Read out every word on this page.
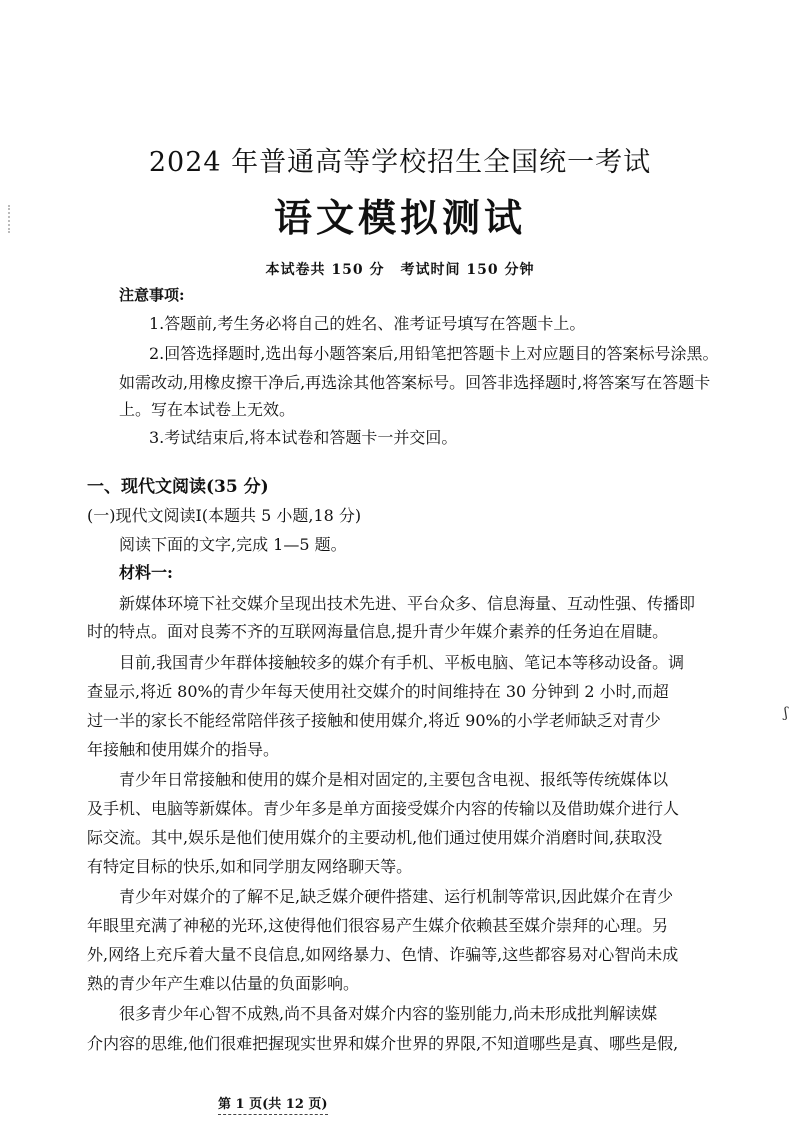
2024 年普通高等学校招生全国统一考试
语文模拟测试
本试卷共 150 分 考试时间 150 分钟
注意事项:
1.答题前,考生务必将自己的姓名、准考证号填写在答题卡上。
2.回答选择题时,选出每小题答案后,用铅笔把答题卡上对应题目的答案标号涂黑。
如需改动,用橡皮擦干净后,再选涂其他答案标号。回答非选择题时,将答案写在答题卡
上。写在本试卷上无效。
3.考试结束后,将本试卷和答题卡一并交回。
一、现代文阅读(35 分)
(一)现代文阅读Ⅰ(本题共 5 小题,18 分)
阅读下面的文字,完成 1—5 题。
材料一:
新媒体环境下社交媒介呈现出技术先进、平台众多、信息海量、互动性强、传播即
时的特点。面对良莠不齐的互联网海量信息,提升青少年媒介素养的任务迫在眉睫。
目前,我国青少年群体接触较多的媒介有手机、平板电脑、笔记本等移动设备。调
查显示,将近 80%的青少年每天使用社交媒介的时间维持在 30 分钟到 2 小时,而超
过一半的家长不能经常陪伴孩子接触和使用媒介,将近 90%的小学老师缺乏对青少
年接触和使用媒介的指导。
青少年日常接触和使用的媒介是相对固定的,主要包含电视、报纸等传统媒体以
及手机、电脑等新媒体。青少年多是单方面接受媒介内容的传输以及借助媒介进行人
际交流。其中,娱乐是他们使用媒介的主要动机,他们通过使用媒介消磨时间,获取没
有特定目标的快乐,如和同学朋友网络聊天等。
青少年对媒介的了解不足,缺乏媒介硬件搭建、运行机制等常识,因此媒介在青少
年眼里充满了神秘的光环,这使得他们很容易产生媒介依赖甚至媒介崇拜的心理。另
外,网络上充斥着大量不良信息,如网络暴力、色情、诈骗等,这些都容易对心智尚未成
熟的青少年产生难以估量的负面影响。
很多青少年心智不成熟,尚不具备对媒介内容的鉴别能力,尚未形成批判解读媒
介内容的思维,他们很难把握现实世界和媒介世界的界限,不知道哪些是真、哪些是假,
ʃ
第 1 页(共 12 页)
